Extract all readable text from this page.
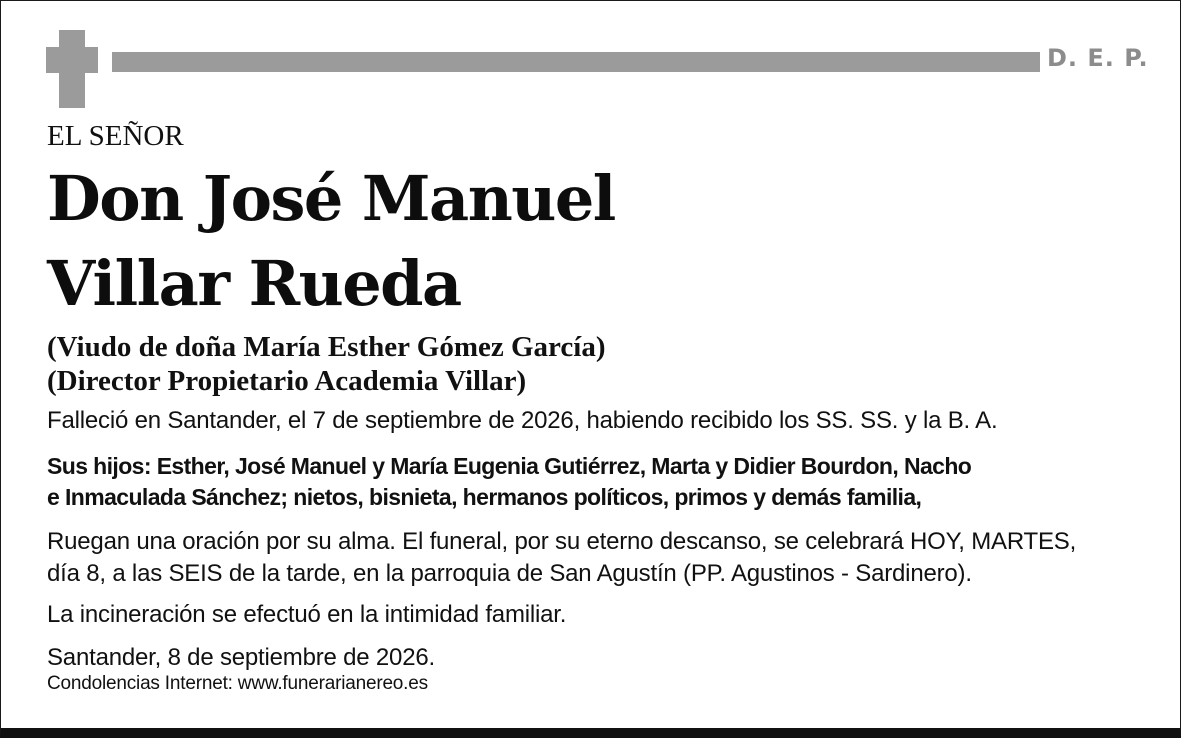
D. E. P.
EL SEÑOR
Don José Manuel
Villar Rueda
(Viudo de doña María Esther Gómez García)
(Director Propietario Academia Villar)
Falleció en Santander, el 7 de septiembre de 2026, habiendo recibido los SS. SS. y la B. A.
Sus hijos: Esther, José Manuel y María Eugenia Gutiérrez, Marta y Didier Bourdon, Nacho
e Inmaculada Sánchez; nietos, bisnieta, hermanos políticos, primos y demás familia,
Ruegan una oración por su alma. El funeral, por su eterno descanso, se celebrará HOY, MARTES,
día 8, a las SEIS de la tarde, en la parroquia de San Agustín (PP. Agustinos - Sardinero).
La incineración se efectuó en la intimidad familiar.
Santander, 8 de septiembre de 2026.
Condolencias Internet: www.funerarianereo.es
